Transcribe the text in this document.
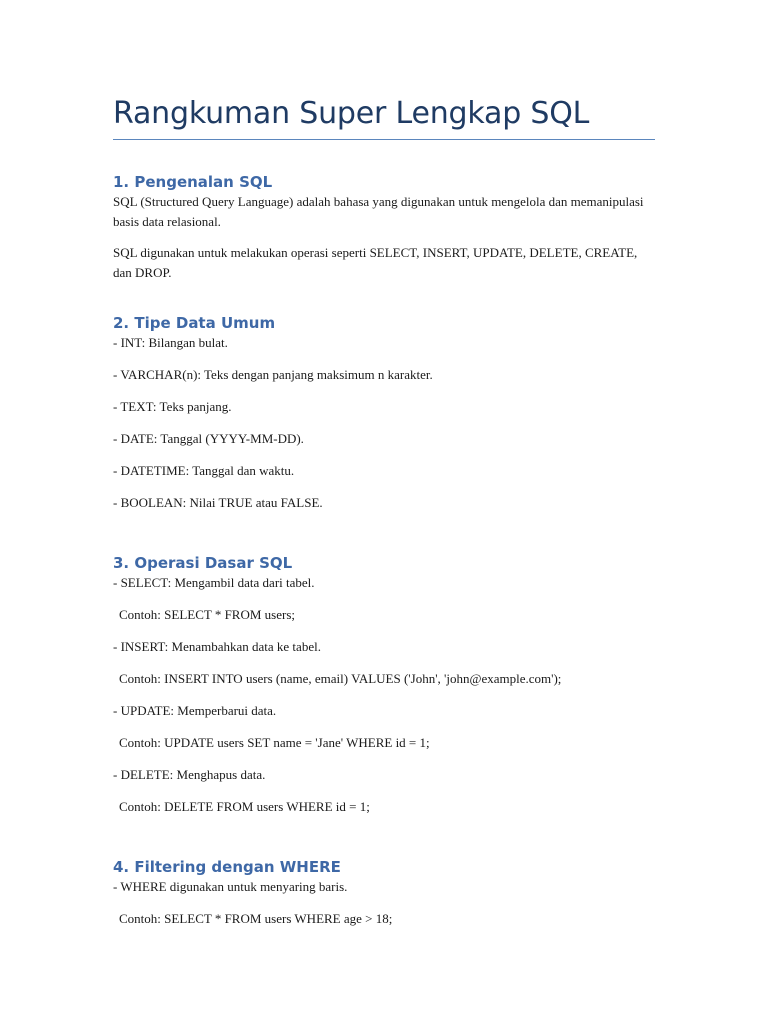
Rangkuman Super Lengkap SQL
1. Pengenalan SQL

SQL (Structured Query Language) adalah bahasa yang digunakan untuk mengelola dan memanipulasi basis data relasional.

SQL digunakan untuk melakukan operasi seperti SELECT, INSERT, UPDATE, DELETE, CREATE, dan DROP.

2. Tipe Data Umum

- INT: Bilangan bulat.

- VARCHAR(n): Teks dengan panjang maksimum n karakter.

- TEXT: Teks panjang.

- DATE: Tanggal (YYYY-MM-DD).

- DATETIME: Tanggal dan waktu.

- BOOLEAN: Nilai TRUE atau FALSE.

3. Operasi Dasar SQL

- SELECT: Mengambil data dari tabel.

Contoh: SELECT * FROM users;

- INSERT: Menambahkan data ke tabel.

Contoh: INSERT INTO users (name, email) VALUES ('John', 'john@example.com');

- UPDATE: Memperbarui data.

Contoh: UPDATE users SET name = 'Jane' WHERE id = 1;

- DELETE: Menghapus data.

Contoh: DELETE FROM users WHERE id = 1;

4. Filtering dengan WHERE

- WHERE digunakan untuk menyaring baris.

Contoh: SELECT * FROM users WHERE age > 18;
